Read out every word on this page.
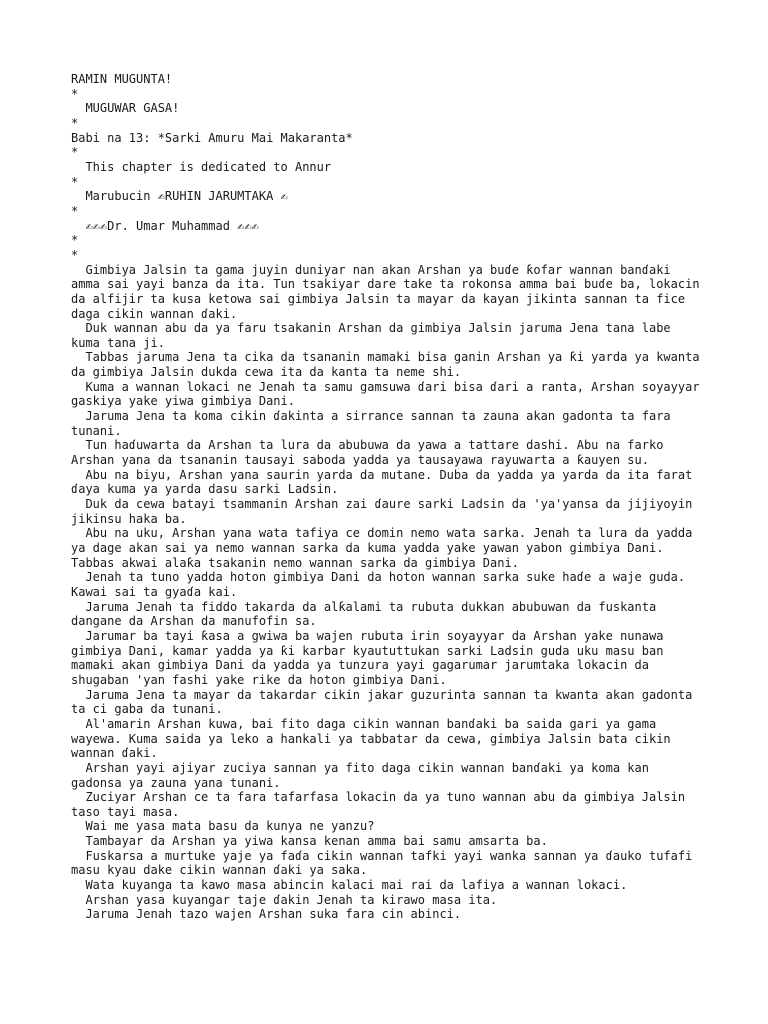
RAMIN MUGUNTA!
*
MUGUWAR GASA!
*
Babi na 13: *Sarki Amuru Mai Makaranta*
*
This chapter is dedicated to Annur
*
Marubucin ✍RUHIN JARUMTAKA ✍
*
✍✍✍Dr. Umar Muhammad ✍✍✍
*
*
Gimbiya Jalsin ta gama juyin duniyar nan akan Arshan ya buɗe ƙofar wannan banɗaki amma sai yayi banza da ita. Tun tsakiyar dare take ta rokonsa amma bai buɗe ba, lokacin da alfijir ta kusa ketowa sai gimbiya Jalsin ta mayar da kayan jikinta sannan ta fice daga cikin wannan ɗaki.
Duk wannan abu da ya faru tsakanin Arshan da gimbiya Jalsin jaruma Jena tana labe kuma tana ji.
Tabbas jaruma Jena ta cika da tsananin mamaki bisa ganin Arshan ya ƙi yarda ya kwanta da gimbiya Jalsin dukda cewa ita da kanta ta neme shi.
Kuma a wannan lokaci ne Jenah ta samu gamsuwa ɗari bisa ɗari a ranta, Arshan soyayyar gaskiya yake yiwa gimbiya Dani.
Jaruma Jena ta koma cikin ɗakinta a sirrance sannan ta zauna akan gadonta ta fara tunani.
Tun haɗuwarta da Arshan ta lura da abubuwa da yawa a tattare dashi. Abu na farko Arshan yana da tsananin tausayi saboda yadda ya tausayawa rayuwarta a ƙauyen su.
Abu na biyu, Arshan yana saurin yarda da mutane. Duba da yadda ya yarda da ita farat ɗaya kuma ya yarda dasu sarki Ladsin.
Duk da cewa batayi tsammanin Arshan zai ɗaure sarki Ladsin da 'ya'yansa da jijiyoyin jikinsu haka ba.
Abu na uku, Arshan yana wata tafiya ce domin nemo wata sarka. Jenah ta lura da yadda ya dage akan sai ya nemo wannan sarka da kuma yadda yake yawan yabon gimbiya Dani. Tabbas akwai alaƙa tsakanin nemo wannan sarka da gimbiya Dani.
Jenah ta tuno yadda hoton gimbiya Dani da hoton wannan sarka suke haɗe a waje guda. Kawai sai ta gyaɗa kai.
Jaruma Jenah ta fiddo takarda da alƙalami ta rubuta dukkan abubuwan da fuskanta dangane da Arshan da manufofin sa.
Jarumar ba tayi ƙasa a gwiwa ba wajen rubuta irin soyayyar da Arshan yake nunawa gimbiya Dani, kamar yadda ya ƙi karbar kyaututtukan sarki Ladsin guda uku masu ban mamaki akan gimbiya Dani da yadda ya tunzura yayi gagarumar jarumtaka lokacin da shugaban 'yan fashi yake rike da hoton gimbiya Dani.
Jaruma Jena ta mayar da takardar cikin jakar guzurinta sannan ta kwanta akan gadonta ta ci gaba da tunani.
Al'amarin Arshan kuwa, bai fito daga cikin wannan banɗaki ba saida gari ya gama wayewa. Kuma saida ya leko a hankali ya tabbatar da cewa, gimbiya Jalsin bata cikin wannan ɗaki.
Arshan yayi ajiyar zuciya sannan ya fito daga cikin wannan banɗaki ya koma kan gadonsa ya zauna yana tunani.
Zuciyar Arshan ce ta fara tafarfasa lokacin da ya tuno wannan abu da gimbiya Jalsin taso tayi masa.
Wai me yasa mata basu da kunya ne yanzu?
Tambayar da Arshan ya yiwa kansa kenan amma bai samu amsarta ba.
Fuskarsa a murtuke yaje ya faɗa cikin wannan tafki yayi wanka sannan ya ɗauko tufafi masu kyau dake cikin wannan ɗaki ya saka.
Wata kuyanga ta kawo masa abincin kalaci mai rai da lafiya a wannan lokaci.
Arshan yasa kuyangar taje ɗakin Jenah ta kirawo masa ita.
Jaruma Jenah tazo wajen Arshan suka fara cin abinci.
